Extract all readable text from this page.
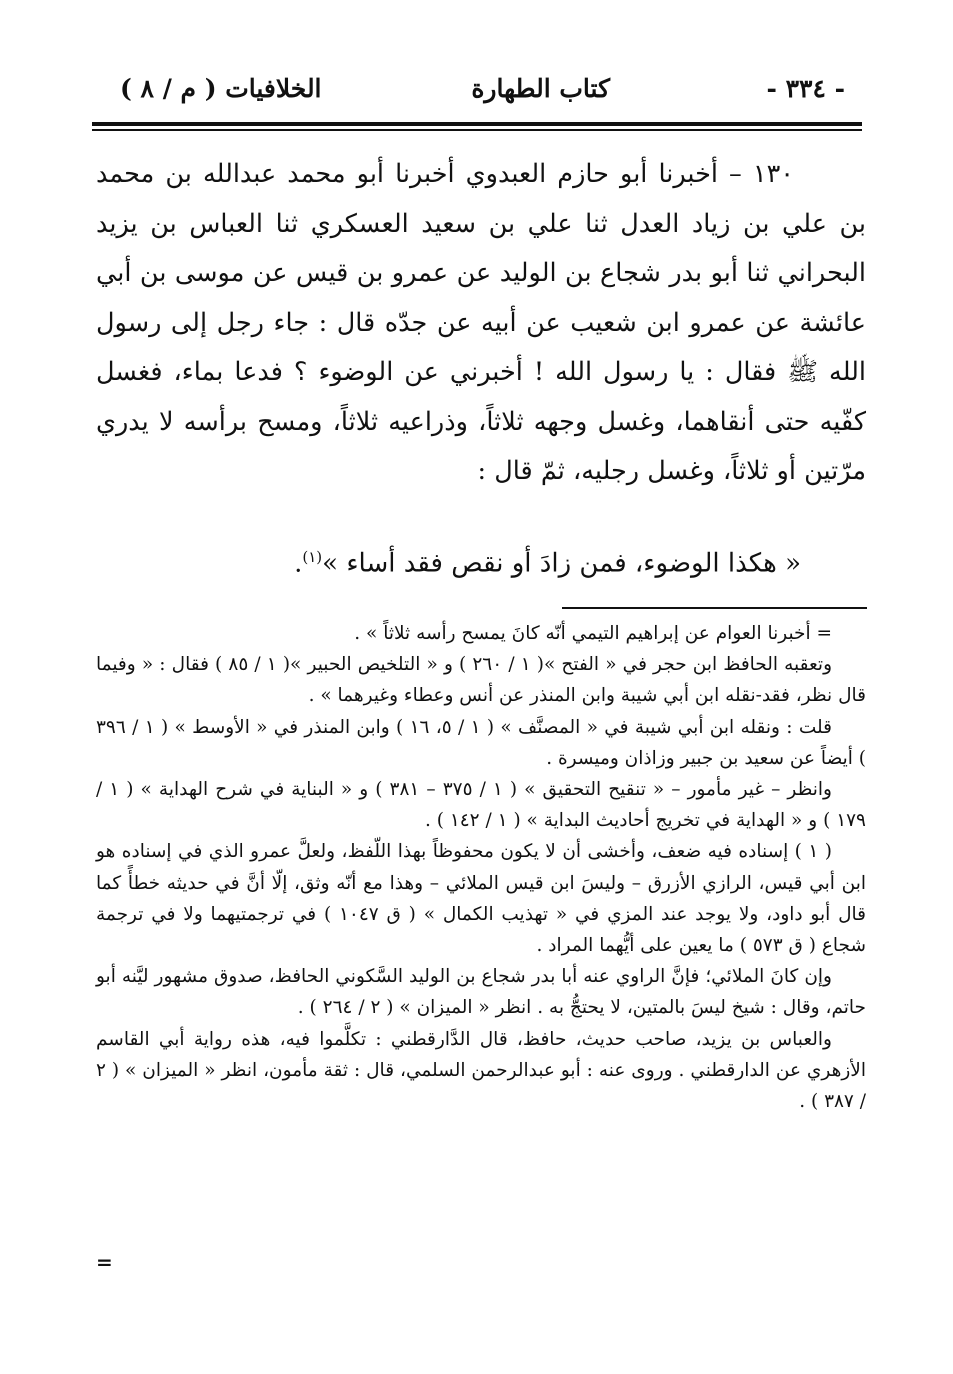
- ٣٣٤ -
كتاب الطهارة
الخلافيات ( م / ٨ )
١٣٠ – أخبرنا أبو حازم العبدوي أخبرنا أبو محمد عبدالله بن محمد بن علي بن زياد العدل ثنا علي بن سعيد العسكري ثنا العباس بن يزيد البحراني ثنا أبو بدر شجاع بن الوليد عن عمرو بن قيس عن موسى بن أبي عائشة عن عمرو ابن شعيب عن أبيه عن جدّه قال : جاء رجل إلى رسول الله ﷺ فقال : يا رسول الله ! أخبرني عن الوضوء ؟ فدعا بماء، فغسل كفّيه حتى أنقاهما، وغسل وجهه ثلاثاً، وذراعيه ثلاثاً، ومسح برأسه لا يدري مرّتين أو ثلاثاً، وغسل رجليه، ثمّ قال :
« هكذا الوضوء، فمن زادَ أو نقص فقد أساء »$^{(١)}$.

= أخبرنا العوام عن إبراهيم التيمي أنّه كانَ يمسح رأسه ثلاثاً » .

وتعقبه الحافظ ابن حجر في « الفتح »( ١ / ٢٦٠ ) و « التلخيص الحبير »( ١ / ٨٥ ) فقال : « وفيما قال نظر، فقد-نقله ابن أبي شيبة وابن المنذر عن أنس وعطاء وغيرهما » .

قلت : ونقله ابن أبي شيبة في « المصنَّف » ( ١ / ٥، ١٦ ) وابن المنذر في « الأوسط » ( ١ / ٣٩٦ ) أيضاً عن سعيد بن جبير وزاذان وميسرة .

وانظر – غير مأمور – « تنقيح التحقيق » ( ١ / ٣٧٥ – ٣٨١ ) و « البناية في شرح الهداية » ( ١ / ١٧٩ ) و « الهداية في تخريج أحاديث البداية » ( ١ / ١٤٢ ) .

( ١ ) إسناده فيه ضعف، وأخشى أن لا يكون محفوظاً بهذا اللّفظ، ولعلَّ عمرو الذي في إسناده هو ابن أبي قيس، الرازي الأزرق – وليسَ ابن قيس الملائي – وهذا مع أنّه وثق، إلّا أنَّ في حديثه خطأً كما قال أبو داود، ولا يوجد عند المزي في « تهذيب الكمال » ( ق ١٠٤٧ ) في ترجمتيهما ولا في ترجمة شجاع ( ق ٥٧٣ ) ما يعين على أيُّهما المراد .

وإن كانَ الملائي؛ فإنَّ الراوي عنه أبا بدر شجاع بن الوليد السَّكوني الحافظ، صدوق مشهور ليَّنه أبو حاتم، وقال : شيخ ليسَ بالمتين، لا يحتجُّ به . انظر « الميزان » ( ٢ / ٢٦٤ ) .

والعباس بن يزيد، صاحب حديث، حافظ، قال الدَّارقطني : تكلَّموا فيه، هذه رواية أبي القاسم الأزهري عن الدارقطني . وروى عنه : أبو عبدالرحمن السلمي، قال : ثقة مأمون، انظر « الميزان » ( ٢ / ٣٨٧ ) .

=
